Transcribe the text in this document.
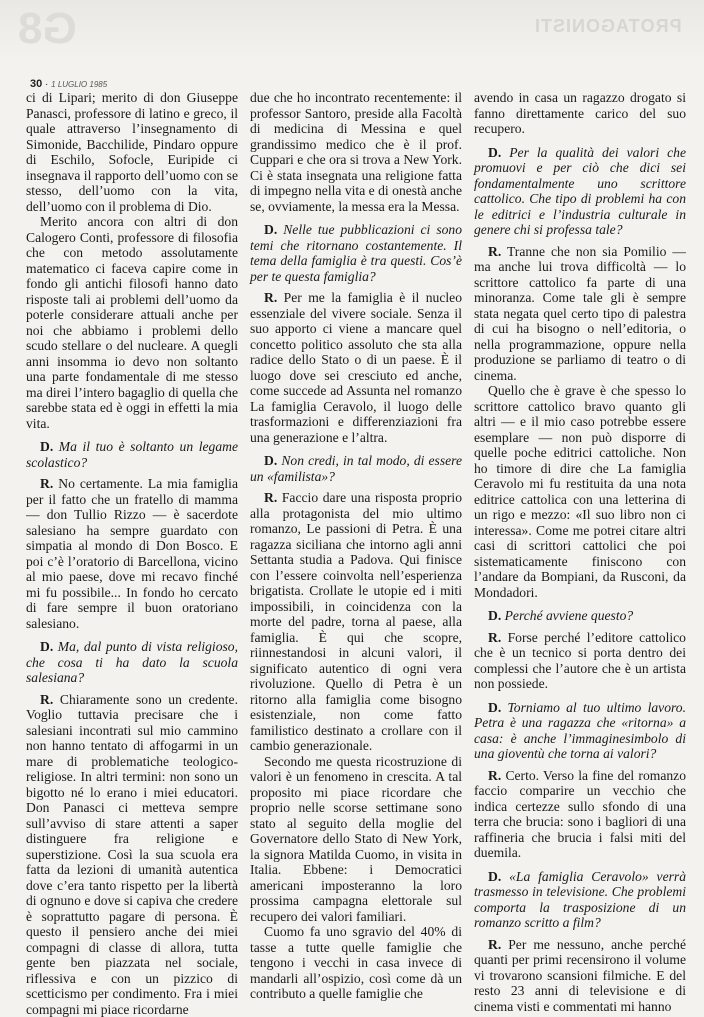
G8	PROTAGONISTI
30 · 1 LUGLIO 1985

ci di Lipari; merito di don Giuseppe Panasci, professore di latino e greco, il quale attraverso l’insegnamento di Simonide, Bacchilide, Pindaro oppure di Eschilo, Sofocle, Euripide ci insegnava il rapporto dell’uomo con se stesso, dell’uomo con la vita, dell’uomo con il problema di Dio.

Merito ancora con altri di don Calogero Conti, professore di filosofia che con metodo assolutamente matematico ci faceva capire come in fondo gli antichi filosofi hanno dato risposte tali ai problemi dell’uomo da poterle considerare attuali anche per noi che abbiamo i problemi dello scudo stellare o del nucleare. A quegli anni insomma io devo non soltanto una parte fondamentale di me stesso ma direi l’intero bagaglio di quella che sarebbe stata ed è oggi in effetti la mia vita.

D. Ma il tuo è soltanto un legame scolastico?

R. No certamente. La mia famiglia per il fatto che un fratello di mamma — don Tullio Rizzo — è sacerdote salesiano ha sempre guardato con simpatia al mondo di Don Bosco. E poi c’è l’oratorio di Barcellona, vicino al mio paese, dove mi recavo finché mi fu possibile... In fondo ho cercato di fare sempre il buon oratoriano salesiano.

D. Ma, dal punto di vista religioso, che cosa ti ha dato la scuola salesiana?

R. Chiaramente sono un credente. Voglio tuttavia precisare che i salesiani incontrati sul mio cammino non hanno tentato di affogarmi in un mare di problematiche teologico-religiose. In altri termini: non sono un bigotto né lo erano i miei educatori. Don Panasci ci metteva sempre sull’avviso di stare attenti a saper distinguere fra religione e superstizione. Così la sua scuola era fatta da lezioni di umanità autentica dove c’era tanto rispetto per la libertà di ognuno e dove si capiva che credere è soprattutto pagare di persona. È questo il pensiero anche dei miei compagni di classe di allora, tutta gente ben piazzata nel sociale, riflessiva e con un pizzico di scetticismo per condimento. Fra i miei compagni mi piace ricordarne

due che ho incontrato recentemente: il professor Santoro, preside alla Facoltà di medicina di Messina e quel grandissimo medico che è il prof. Cuppari e che ora si trova a New York. Ci è stata insegnata una religione fatta di impegno nella vita e di onestà anche se, ovviamente, la messa era la Messa.

D. Nelle tue pubblicazioni ci sono temi che ritornano costantemente. Il tema della famiglia è tra questi. Cos’è per te questa famiglia?

R. Per me la famiglia è il nucleo essenziale del vivere sociale. Senza il suo apporto ci viene a mancare quel concetto politico assoluto che sta alla radice dello Stato o di un paese. È il luogo dove sei cresciuto ed anche, come succede ad Assunta nel romanzo La famiglia Ceravolo, il luogo delle trasformazioni e differenziazioni fra una generazione e l’altra.

D. Non credi, in tal modo, di essere un «familista»?

R. Faccio dare una risposta proprio alla protagonista del mio ultimo romanzo, Le passioni di Petra. È una ragazza siciliana che intorno agli anni Settanta studia a Padova. Qui finisce con l’essere coinvolta nell’esperienza brigatista. Crollate le utopie ed i miti impossibili, in coincidenza con la morte del padre, torna al paese, alla famiglia. È qui che scopre, riinnestandosi in alcuni valori, il significato autentico di ogni vera rivoluzione. Quello di Petra è un ritorno alla famiglia come bisogno esistenziale, non come fatto familistico destinato a crollare con il cambio generazionale.

Secondo me questa ricostruzione di valori è un fenomeno in crescita. A tal proposito mi piace ricordare che proprio nelle scorse settimane sono stato al seguito della moglie del Governatore dello Stato di New York, la signora Matilda Cuomo, in visita in Italia. Ebbene: i Democratici americani imposteranno la loro prossima campagna elettorale sul recupero dei valori familiari.

Cuomo fa uno sgravio del 40% di tasse a tutte quelle famiglie che tengono i vecchi in casa invece di mandarli all’ospizio, così come dà un contributo a quelle famiglie che

avendo in casa un ragazzo drogato si fanno direttamente carico del suo recupero.

D. Per la qualità dei valori che promuovi e per ciò che dici sei fondamentalmente uno scrittore cattolico. Che tipo di problemi ha con le editrici e l’industria culturale in genere chi si professa tale?

R. Tranne che non sia Pomilio — ma anche lui trova difficoltà — lo scrittore cattolico fa parte di una minoranza. Come tale gli è sempre stata negata quel certo tipo di palestra di cui ha bisogno o nell’editoria, o nella programmazione, oppure nella produzione se parliamo di teatro o di cinema.

Quello che è grave è che spesso lo scrittore cattolico bravo quanto gli altri — e il mio caso potrebbe essere esemplare — non può disporre di quelle poche editrici cattoliche. Non ho timore di dire che La famiglia Ceravolo mi fu restituita da una nota editrice cattolica con una letterina di un rigo e mezzo: «Il suo libro non ci interessa». Come me potrei citare altri casi di scrittori cattolici che poi sistematicamente finiscono con l’andare da Bompiani, da Rusconi, da Mondadori.

D. Perché avviene questo?

R. Forse perché l’editore cattolico che è un tecnico si porta dentro dei complessi che l’autore che è un artista non possiede.

D. Torniamo al tuo ultimo lavoro. Petra è una ragazza che «ritorna» a casa: è anche l’immaginesimbolo di una gioventù che torna ai valori?

R. Certo. Verso la fine del romanzo faccio comparire un vecchio che indica certezze sullo sfondo di una terra che brucia: sono i bagliori di una raffineria che brucia i falsi miti del duemila.

D. «La famiglia Ceravolo» verrà trasmesso in televisione. Che problemi comporta la trasposizione di un romanzo scritto a film?

R. Per me nessuno, anche perché quanti per primi recensirono il volume vi trovarono scansioni filmiche. E del resto 23 anni di televisione e di cinema visti e commentati mi hanno
